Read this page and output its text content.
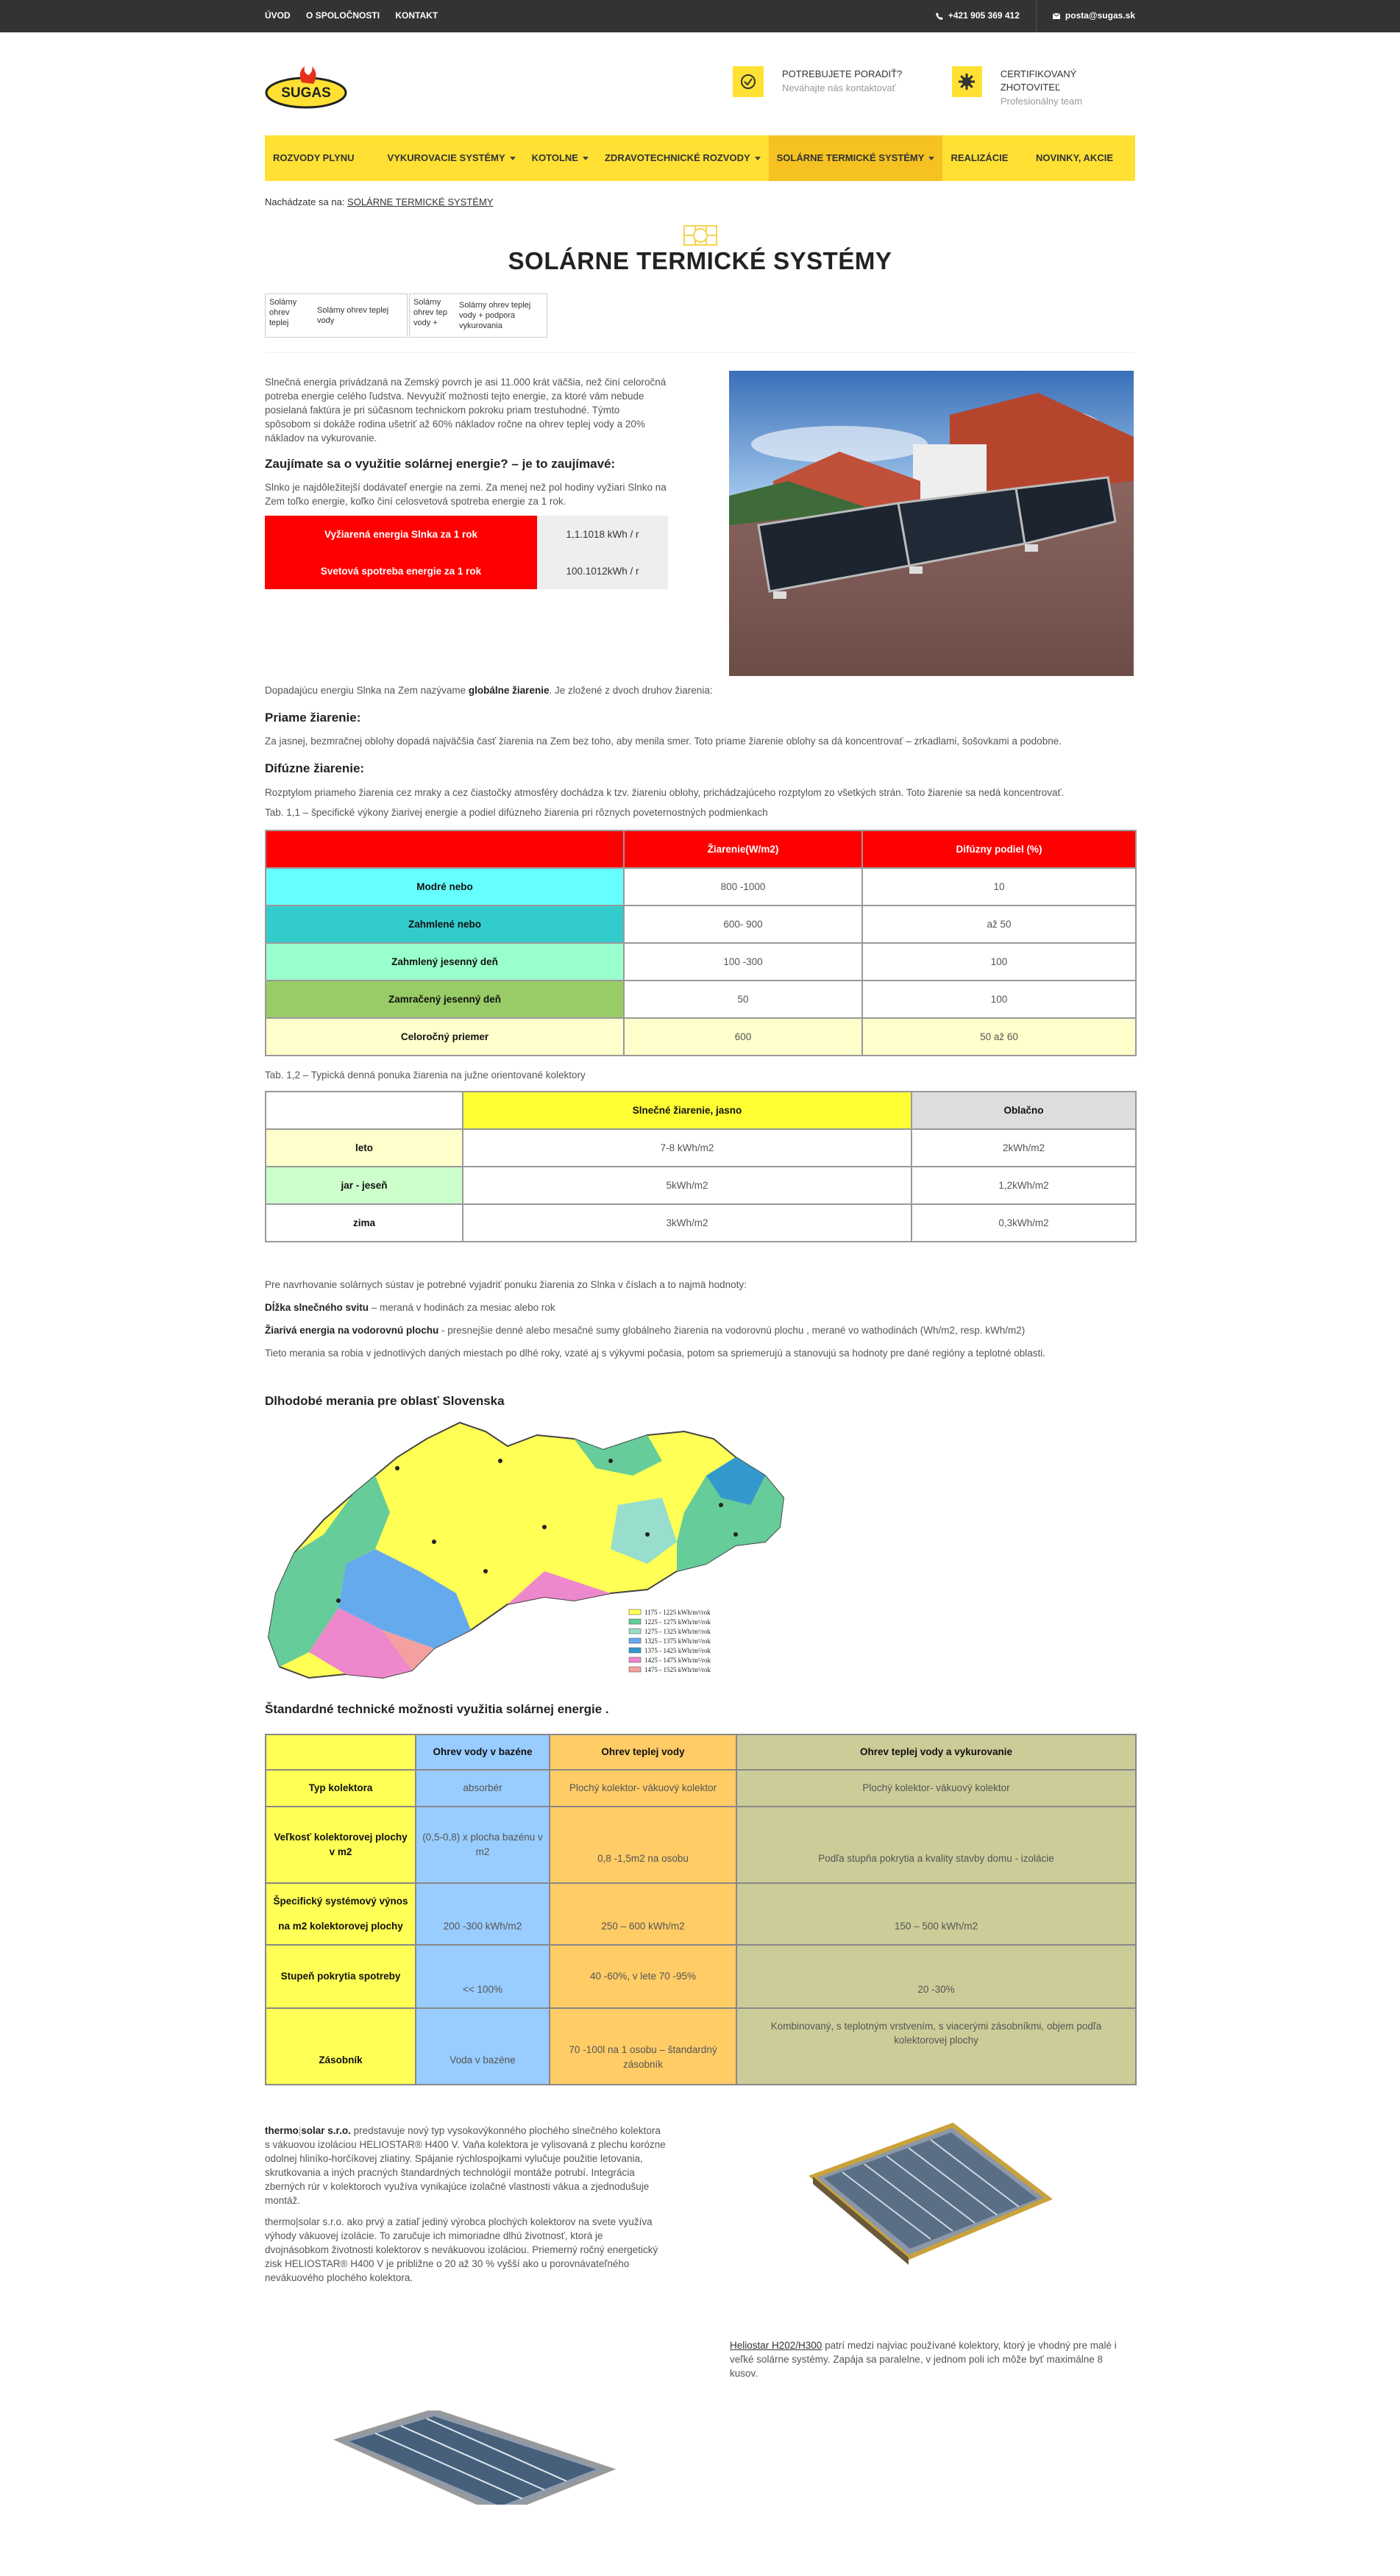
ÚVOD O SPOLOČNOSTI KONTAKT	+421 905 369 412	posta@sugas.sk
SUGAS
POTREBUJETE PORADIŤ?
Neváhajte nás kontaktovať
CERTIFIKOVANÝ ZHOTOVITEĽ
Profesionálny team
ROZVODY PLYNU	VYKUROVACIE SYSTÉMY	KOTOLNE	ZDRAVOTECHNICKÉ ROZVODY	SOLÁRNE TERMICKÉ SYSTÉMY	REALIZÁCIE	NOVINKY, AKCIE
Nachádzate sa na: SOLÁRNE TERMICKÉ SYSTÉMY
SOLÁRNE TERMICKÉ SYSTÉMY
Solárny ohrev teplej
Solárny ohrev teplej vody
Solárny ohrev tep vody +
Solárny ohrev teplej vody + podpora vykurovania

Slnečná energia privádzaná na Zemský povrch je asi 11.000 krát väčšia, než činí celoročná potreba energie celého ľudstva. Nevyužiť možnosti tejto energie, za ktoré vám nebude posielaná faktúra je pri súčasnom technickom pokroku priam trestuhodné. Týmto spôsobom si dokáže rodina ušetriť až 60% nákladov ročne na ohrev teplej vody a 20% nákladov na vykurovanie.

Zaujímate sa o využitie solárnej energie? – je to zaujímavé:

Slnko je najdôležitejší dodávateľ energie na zemi. Za menej než pol hodiny vyžiari Slnko na Zem toľko energie, koľko činí celosvetová spotreba energie za 1 rok.

Vyžiarená energia Slnka za 1 rok	1,1.1018 kWh / r
Svetová spotreba energie za 1 rok	100.1012kWh / r

Dopadajúcu energiu Slnka na Zem nazývame globálne žiarenie. Je zložené z dvoch druhov žiarenia:

Priame žiarenie:

Za jasnej, bezmračnej oblohy dopadá najväčšia časť žiarenia na Zem bez toho, aby menila smer. Toto priame žiarenie oblohy sa dá koncentrovať – zrkadlami, šošovkami a podobne.

Difúzne žiarenie:

Rozptylom priameho žiarenia cez mraky a cez čiastočky atmosféry dochádza k tzv. žiareniu oblohy, prichádzajúceho rozptylom zo všetkých strán. Toto žiarenie sa nedá koncentrovať.

Tab. 1,1 – špecifické výkony žiarivej energie a podiel difúzneho žiarenia pri rôznych poveternostných podmienkach

	Žiarenie(W/m2)	Difúzny podiel (%)
Modré nebo	800 -1000	10
Zahmlené nebo	600- 900	až 50
Zahmlený jesenný deň	100 -300	100
Zamračený jesenný deň	50	100
Celoročný priemer	600	50 až 60

Tab. 1,2 – Typická denná ponuka žiarenia na južne orientované kolektory

	Slnečné žiarenie, jasno	Oblačno
leto	7-8 kWh/m2	2kWh/m2
jar - jeseň	5kWh/m2	1,2kWh/m2
zima	3kWh/m2	0,3kWh/m2

Pre navrhovanie solárnych sústav je potrebné vyjadriť ponuku žiarenia zo Slnka v číslach a to najmä hodnoty:

Dĺžka slnečného svitu – meraná v hodinách za mesiac alebo rok

Žiarivá energia na vodorovnú plochu - presnejšie denné alebo mesačné sumy globálneho žiarenia na vodorovnú plochu , merané vo wathodinách (Wh/m2, resp. kWh/m2)

Tieto merania sa robia v jednotlivých daných miestach po dlhé roky, vzaté aj s výkyvmi počasia, potom sa spriemerujú a stanovujú sa hodnoty pre dané regióny a teplotné oblasti.

Dlhodobé merania pre oblasť Slovenska
1175 - 1225 kWh/m²/rok
1225 - 1275 kWh/m²/rok
1275 - 1325 kWh/m²/rok
1325 - 1375 kWh/m²/rok
1375 - 1425 kWh/m²/rok
1425 - 1475 kWh/m²/rok
1475 - 1525 kWh/m²/rok
Štandardné technické možnosti využitia solárnej energie .
	Ohrev vody v bazéne	Ohrev teplej vody	Ohrev teplej vody a vykurovanie
Typ kolektora	absorbér	Plochý kolektor- vákuový kolektor	Plochý kolektor- vákuový kolektor
Veľkosť kolektorovej plochy v m2	(0,5-0,8) x plocha bazénu v m2	0,8 -1,5m2 na osobu	Podľa stupňa pokrytia a kvality stavby domu - izolácie
Špecifický systémový výnos na m2 kolektorovej plochy	200 -300 kWh/m2	250 – 600 kWh/m2	150 – 500 kWh/m2
Stupeň pokrytia spotreby	<< 100%	40 -60%, v lete 70 -95%	20 -30%
Zásobník	Voda v bazéne	70 -100l na 1 osobu – štandardný zásobník	Kombinovaný, s teplotným vrstvením, s viacerými zásobníkmi, objem podľa kolektorovej plochy

thermo|solar s.r.o. predstavuje nový typ vysokovýkonného plochého slnečného kolektora s vákuovou izoláciou HELIOSTAR® H400 V. Vaňa kolektora je vylisovaná z plechu korózne odolnej hliníko-horčíkovej zliatiny. Spájanie rýchlospojkami vylučuje použitie letovania, skrutkovania a iných pracných štandardných technológií montáže potrubí. Integrácia zberných rúr v kolektoroch využíva vynikajúce izolačné vlastnosti vákua a zjednodušuje montáž.

thermo|solar s.r.o. ako prvý a zatiaľ jediný výrobca plochých kolektorov na svete využíva výhody vákuovej izolácie. To zaručuje ich mimoriadne dlhú životnosť, ktorá je dvojnásobkom životnosti kolektorov s nevákuovou izoláciou. Priemerný ročný energetický zisk HELIOSTAR® H400 V je približne o 20 až 30 % vyšší ako u porovnávateľného nevákuového plochého kolektora.

Heliostar H202/H300 patrí medzi najviac používané kolektory, ktorý je vhodný pre malé i veľké solárne systémy. Zapája sa paralelne, v jednom poli ich môže byť maximálne 8 kusov.
